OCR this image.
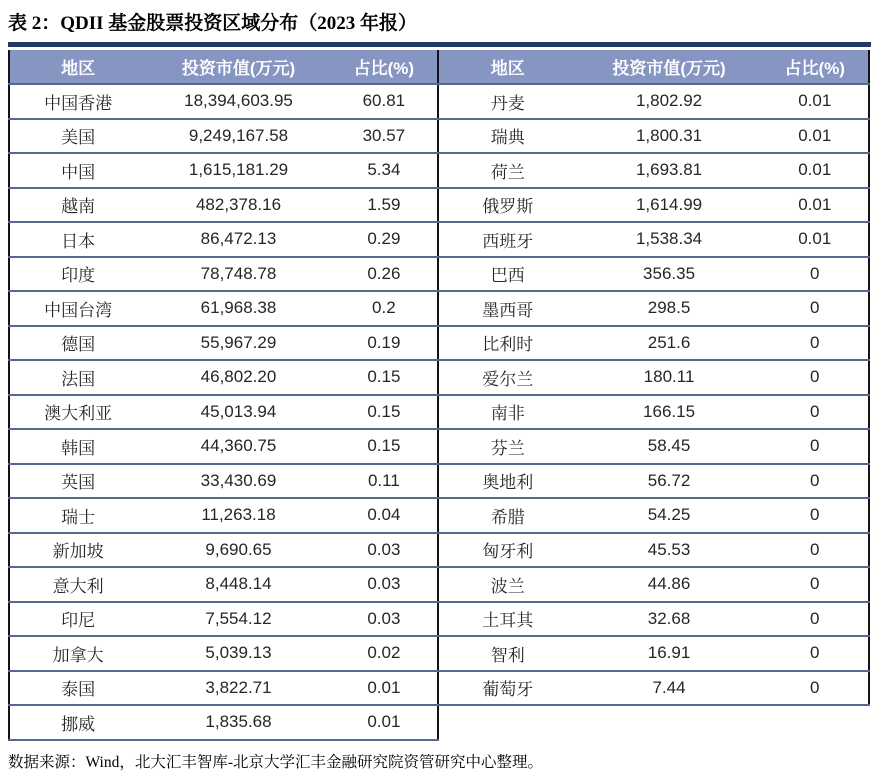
表 2：QDII 基金股票投资区域分布（2023 年报）
地区	投资市值(万元)	占比(%)
中国香港	18,394,603.95	60.81
美国	9,249,167.58	30.57
中国	1,615,181.29	5.34
越南	482,378.16	1.59
日本	86,472.13	0.29
印度	78,748.78	0.26
中国台湾	61,968.38	0.2
德国	55,967.29	0.19
法国	46,802.20	0.15
澳大利亚	45,013.94	0.15
韩国	44,360.75	0.15
英国	33,430.69	0.11
瑞士	11,263.18	0.04
新加坡	9,690.65	0.03
意大利	8,448.14	0.03
印尼	7,554.12	0.03
加拿大	5,039.13	0.02
泰国	3,822.71	0.01
挪威	1,835.68	0.01
地区	投资市值(万元)	占比(%)
丹麦	1,802.92	0.01
瑞典	1,800.31	0.01
荷兰	1,693.81	0.01
俄罗斯	1,614.99	0.01
西班牙	1,538.34	0.01
巴西	356.35	0
墨西哥	298.5	0
比利时	251.6	0
爱尔兰	180.11	0
南非	166.15	0
芬兰	58.45	0
奥地利	56.72	0
希腊	54.25	0
匈牙利	45.53	0
波兰	44.86	0
土耳其	32.68	0
智利	16.91	0
葡萄牙	7.44	0
数据来源：Wind，北大汇丰智库-北京大学汇丰金融研究院资管研究中心整理。
